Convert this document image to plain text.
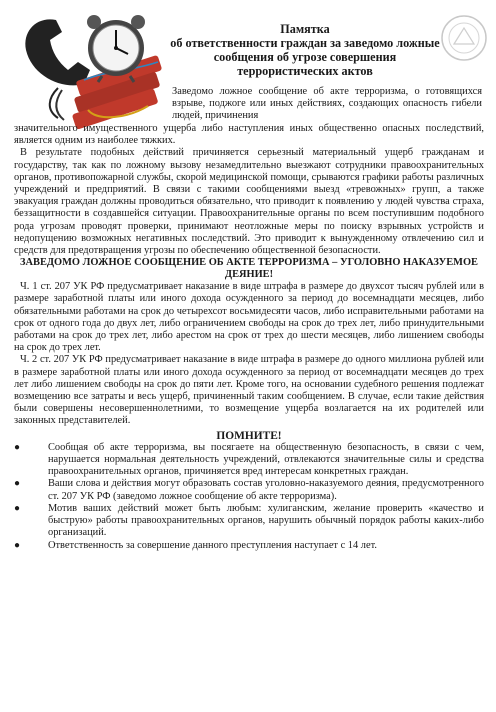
Памятка
об ответственности граждан за заведомо ложные
сообщения об угрозе совершения
террористических актов
Заведомо ложное сообщение об акте терроризма, о готовящихся взрыве, поджоге или иных действиях, создающих опасность гибели людей, причинения

значительного имущественного ущерба либо наступления иных общественно опасных последствий, является одним из наиболее тяжких.

В результате подобных действий причиняется серьезный материальный ущерб гражданам и государству, так как по ложному вызову незамедлительно выезжают сотрудники правоохранительных органов, противопожарной службы, скорой медицинской помощи, срываются графики работы различных учреждений и предприятий. В связи с такими сообщениями выезд «тревожных» групп, а также эвакуация граждан должны проводиться обязательно, что приводит к появлению у людей чувства страха, беззащитности в создавшейся ситуации. Правоохранительные органы по всем поступившим подобного рода угрозам проводят проверки, принимают неотложные меры по поиску взрывных устройств и недопущению возможных негативных последствий. Это приводит к вынужденному отвлечению сил и средств для предотвращения угрозы по обеспечению общественной безопасности.

ЗАВЕДОМО ЛОЖНОЕ СООБЩЕНИЕ ОБ АКТЕ ТЕРРОРИЗМА – УГОЛОВНО НАКАЗУЕМОЕ ДЕЯНИЕ!

Ч. 1 ст. 207 УК РФ предусматривает наказание в виде штрафа в размере до двухсот тысяч рублей или в размере заработной платы или иного дохода осужденного за период до восемнадцати месяцев, либо обязательными работами на срок до четырехсот восьмидесяти часов, либо исправительными работами на срок от одного года до двух лет, либо ограничением свободы на срок до трех лет, либо принудительными работами на срок до трех лет, либо арестом на срок от трех до шести месяцев, либо лишением свободы на срок до трех лет.

Ч. 2 ст. 207 УК РФ предусматривает наказание в виде штрафа в размере до одного миллиона рублей или в размере заработной платы или иного дохода осужденного за период от восемнадцати месяцев до трех лет либо лишением свободы на срок до пяти лет. Кроме того, на основании судебного решения подлежат возмещению все затраты и весь ущерб, причиненный таким сообщением. В случае, если такие действия были совершены несовершеннолетними, то возмещение ущерба возлагается на их родителей или законных представителей.

ПОМНИТЕ!
●	Сообщая об акте терроризма, вы посягаете на общественную безопасность, в связи с чем, нарушается нормальная деятельность учреждений, отвлекаются значительные силы и средства правоохранительных органов, причиняется вред интересам конкретных граждан.
●	Ваши слова и действия могут образовать состав уголовно-наказуемого деяния, предусмотренного ст. 207 УК РФ (заведомо ложное сообщение об акте терроризма).
●	Мотив ваших действий может быть любым: хулиганским, желание проверить «качество и быструю» работы правоохранительных органов, нарушить обычный порядок работы каких-либо организаций.
●	Ответственность за совершение данного преступления наступает с 14 лет.
